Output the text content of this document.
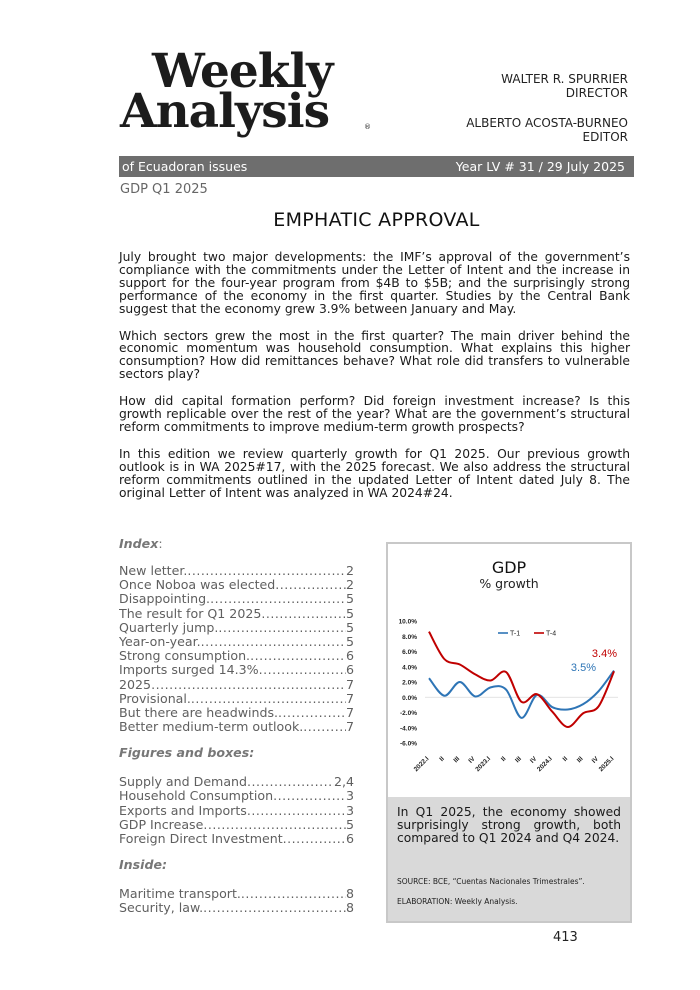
Weekly
Analysis	®
WALTER R. SPURRIER
DIRECTOR
ALBERTO ACOSTA-BURNEO
EDITOR
of Ecuadoran issues	Year LV # 31 / 29 July 2025
GDP Q1 2025
EMPHATIC APPROVAL

July brought two major developments: the IMF’s approval of the government’s compliance with the commitments under the Letter of Intent and the increase in support for the four-year program from $4B to $5B; and the surprisingly strong performance of the economy in the first quarter. Studies by the Central Bank suggest that the economy grew 3.9% between January and May.

Which sectors grew the most in the first quarter? The main driver behind the economic momentum was household consumption. What explains this higher consumption? How did remittances behave? What role did transfers to vulnerable sectors play?

How did capital formation perform? Did foreign investment increase? Is this growth replicable over the rest of the year? What are the government’s structural reform commitments to improve medium-term growth prospects?

In this edition we review quarterly growth for Q1 2025. Our previous growth outlook is in WA 2025#17, with the 2025 forecast. We also address the structural reform commitments outlined in the updated Letter of Intent dated July 8. The original Letter of Intent was analyzed in WA 2024#24.

Index:
New letter. .....	2
Once Noboa was elected .....	2
Disappointing. .....	5
The result for Q1 2025 .....	5
Quarterly jump. .....	5
Year-on-year. .....	5
Strong consumption. .....	6
Imports surged 14.3% .....	6
2025 .....	7
Provisional. .....	7
But there are headwinds. .....	7
Better medium-term outlook. .....	7
Figures and boxes:
Supply and Demand .....	2,4
Household Consumption .....	3
Exports and Imports .....	3
GDP Increase .....	5
Foreign Direct Investment .....	6
Inside:
Maritime transport. .....	8
Security, law. .....	8
GDP
% growth
10.0%
8.0%
6.0%
4.0%
2.0%
0.0%
-2.0%
-4.0%
-6.0%
2022.I II III IV
2023.I II III IV
2024.I II III IV
2025.I
T-1	T-4
3.4%
3.5%
In Q1 2025, the economy showed surprisingly strong growth, both compared to Q1 2024 and Q4 2024.
SOURCE: BCE, “Cuentas Nacionales Trimestrales”.
ELABORATION: Weekly Analysis.
413
